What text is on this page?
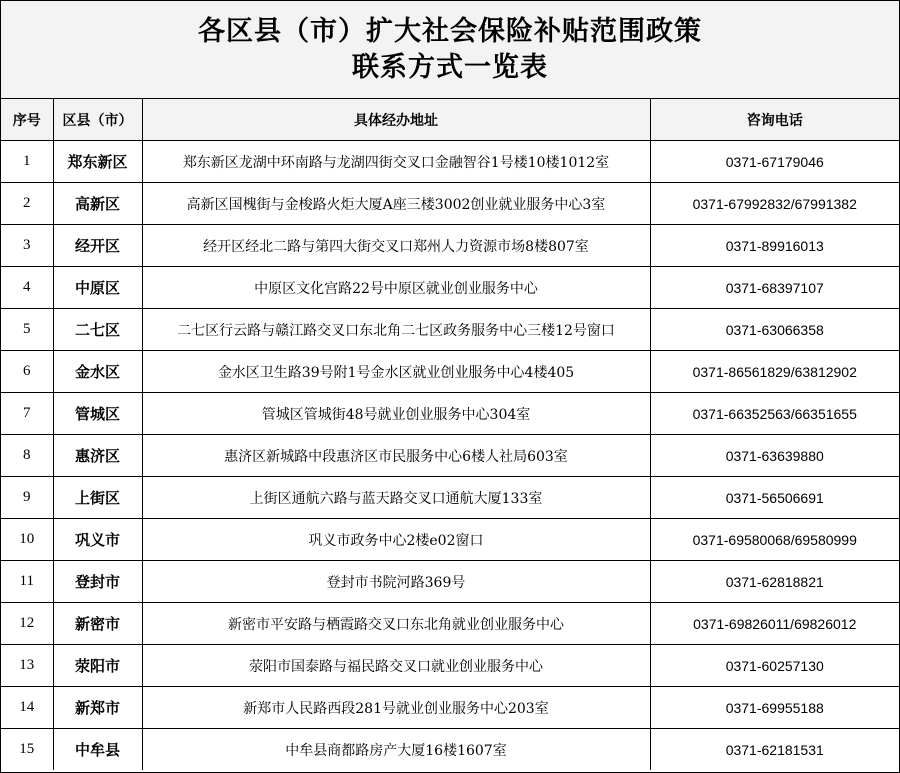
各区县（市）扩大社会保险补贴范围政策
联系方式一览表
序号	区县（市）	具体经办地址	咨询电话
1	郑东新区	郑东新区龙湖中环南路与龙湖四街交叉口金融智谷1号楼10楼1012室	0371-67179046
2	高新区	高新区国槐街与金梭路火炬大厦A座三楼3002创业就业服务中心3室	0371-67992832/67991382
3	经开区	经开区经北二路与第四大街交叉口郑州人力资源市场8楼807室	0371-89916013
4	中原区	中原区文化宫路22号中原区就业创业服务中心	0371-68397107
5	二七区	二七区行云路与赣江路交叉口东北角二七区政务服务中心三楼12号窗口	0371-63066358
6	金水区	金水区卫生路39号附1号金水区就业创业服务中心4楼405	0371-86561829/63812902
7	管城区	管城区管城街48号就业创业服务中心304室	0371-66352563/66351655
8	惠济区	惠济区新城路中段惠济区市民服务中心6楼人社局603室	0371-63639880
9	上街区	上街区通航六路与蓝天路交叉口通航大厦133室	0371-56506691
10	巩义市	巩义市政务中心2楼e02窗口	0371-69580068/69580999
11	登封市	登封市书院河路369号	0371-62818821
12	新密市	新密市平安路与栖霞路交叉口东北角就业创业服务中心	0371-69826011/69826012
13	荥阳市	荥阳市国泰路与福民路交叉口就业创业服务中心	0371-60257130
14	新郑市	新郑市人民路西段281号就业创业服务中心203室	0371-69955188
15	中牟县	中牟县商都路房产大厦16楼1607室	0371-62181531
